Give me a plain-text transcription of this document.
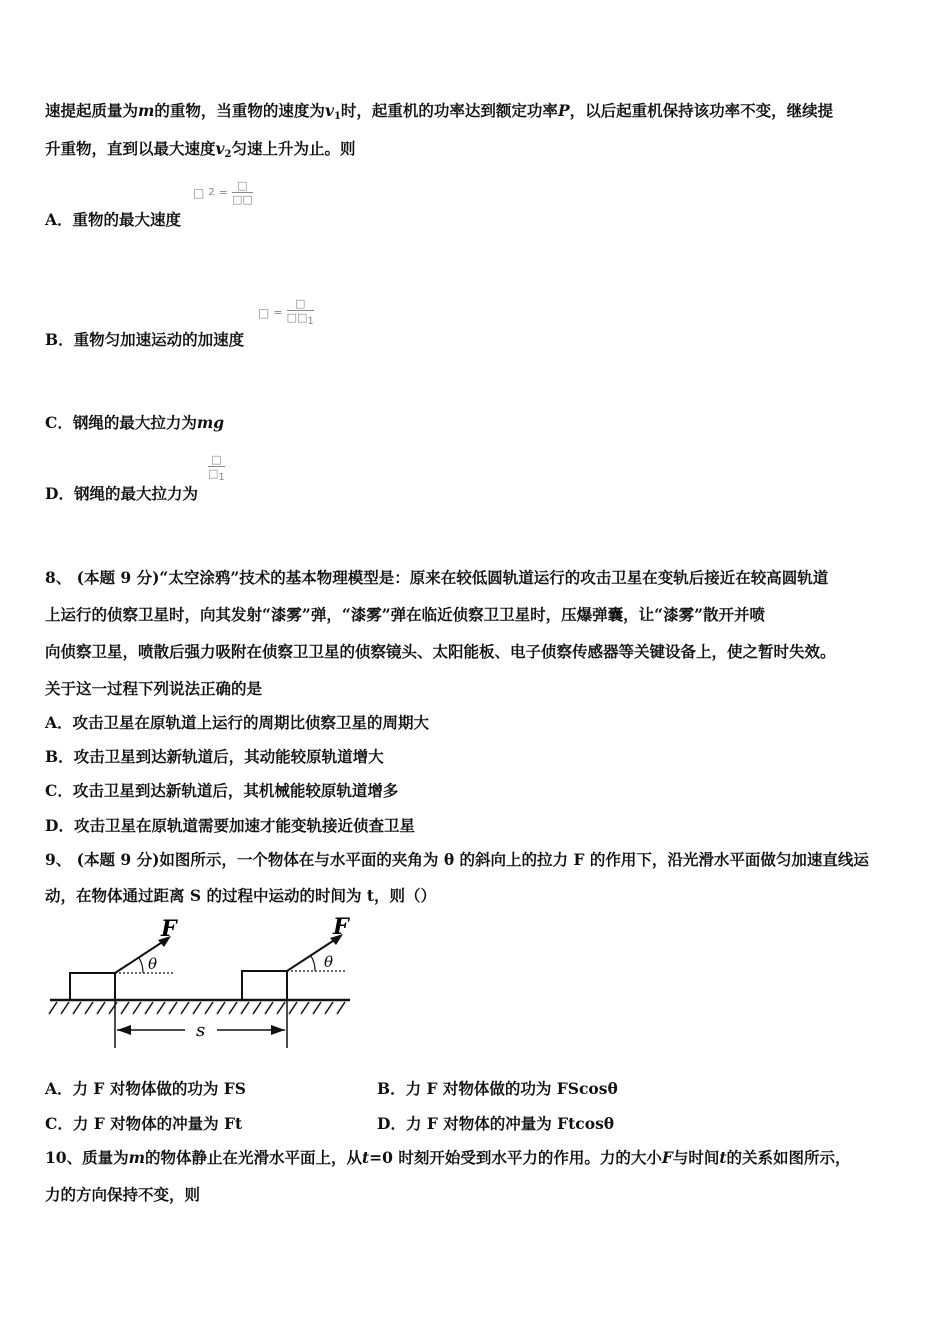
速提起质量为m的重物，当重物的速度为$v_1$时，起重机的功率达到额定功率P，以后起重机保持该功率不变，继续提
升重物，直到以最大速度$v_2$匀速上升为止。则
□ 2 =
□
□□
A．重物的最大速度
□ =
□
$□□_1$
B．重物匀加速运动的加速度
C．钢绳的最大拉力为mg
□
$□_1$
D．钢绳的最大拉力为
8、 (本题 9 分)“太空涂鸦”技术的基本物理模型是：原来在较低圆轨道运行的攻击卫星在变轨后接近在较高圆轨道
上运行的侦察卫星时，向其发射“漆雾”弹，“漆雾”弹在临近侦察卫卫星时，压爆弹囊，让“漆雾”散开并喷
向侦察卫星，喷散后强力吸附在侦察卫卫星的侦察镜头、太阳能板、电子侦察传感器等关键设备上，使之暂时失效。
关于这一过程下列说法正确的是
A．攻击卫星在原轨道上运行的周期比侦察卫星的周期大
B．攻击卫星到达新轨道后，其动能较原轨道增大
C．攻击卫星到达新轨道后，其机械能较原轨道增多
D．攻击卫星在原轨道需要加速才能变轨接近侦查卫星
9、 (本题 9 分)如图所示，一个物体在与水平面的夹角为 θ 的斜向上的拉力 F 的作用下，沿光滑水平面做匀加速直线运
动，在物体通过距离 S 的过程中运动的时间为 t，则（）
F
θ
F
θ
s
A．力 F 对物体做的功为 FS	B．力 F 对物体做的功为 FScosθ
C．力 F 对物体的冲量为 Ft	D．力 F 对物体的冲量为 Ftcosθ
10、质量为m的物体静止在光滑水平面上，从t=0 时刻开始受到水平力的作用。力的大小F与时间t的关系如图所示，
力的方向保持不变，则
